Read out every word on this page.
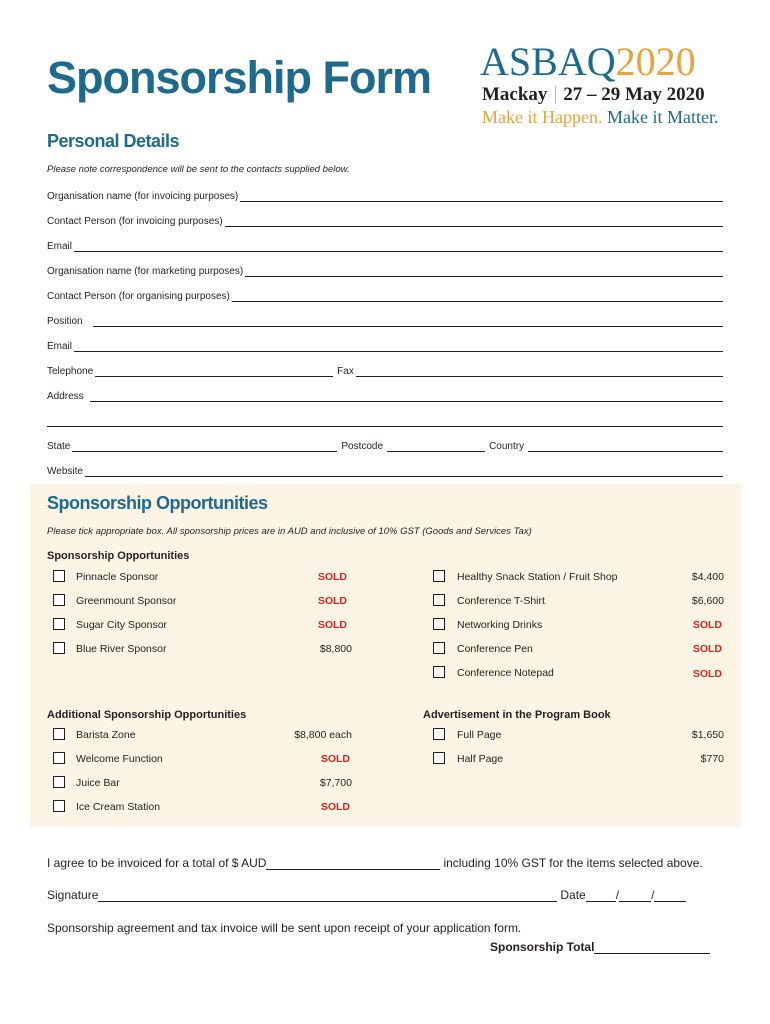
Sponsorship Form ASBAQ2020
Mackay | 27 – 29 May 2020
Make it Happen. Make it Matter.
Personal Details
Please note correspondence will be sent to the contacts supplied below.
Organisation name (for invoicing purposes)
Contact Person (for invoicing purposes)
Email
Organisation name (for marketing purposes)
Contact Person (for organising purposes)
Position
Email
Telephone	Fax
Address
State	Postcode	Country
Website
Sponsorship Opportunities
Please tick appropriate box. All sponsorship prices are in AUD and inclusive of 10% GST (Goods and Services Tax)
Sponsorship Opportunities
Pinnacle Sponsor	SOLD
Greenmount Sponsor	SOLD
Sugar City Sponsor	SOLD
Blue River Sponsor	$8,800
Healthy Snack Station / Fruit Shop	$4,400
Conference T-Shirt	$6,600
Networking Drinks	SOLD
Conference Pen	SOLD
Conference Notepad	SOLD
Additional Sponsorship Opportunities
Barista Zone	$8,800 each
Welcome Function	SOLD
Juice Bar	$7,700
Ice Cream Station	SOLD
Advertisement in the Program Book
Full Page	$1,650
Half Page	$770
I agree to be invoiced for a total of $ AUD	including 10% GST for the items selected above.
Signature	Date	/	/
Sponsorship agreement and tax invoice will be sent upon receipt of your application form.
Sponsorship Total
